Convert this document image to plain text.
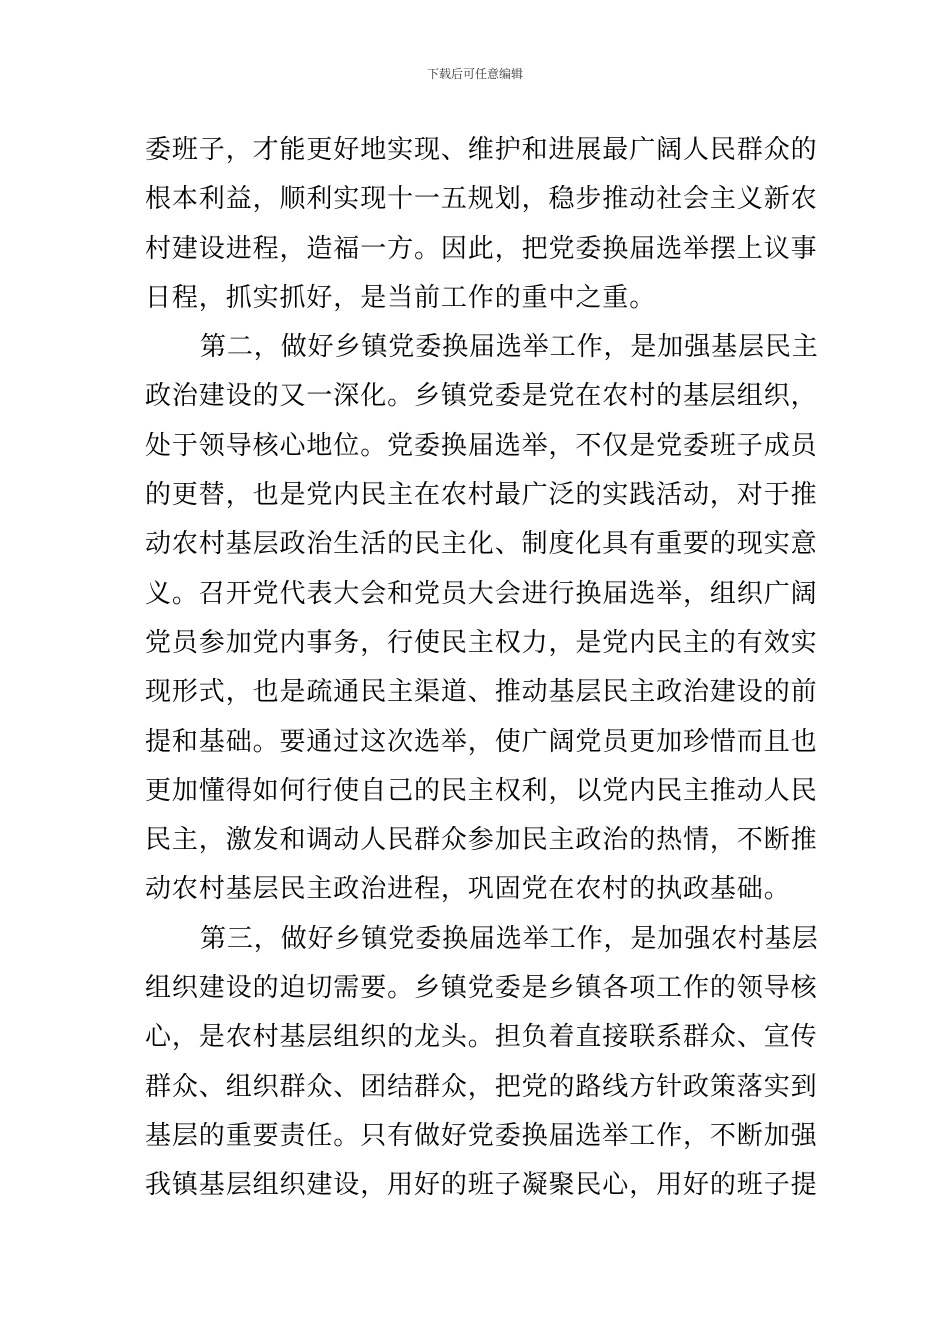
下载后可任意编辑
委班子，才能更好地实现、维护和进展最广阔人民群众的
根本利益，顺利实现十一五规划，稳步推动社会主义新农
村建设进程，造福一方。因此，把党委换届选举摆上议事
日程，抓实抓好，是当前工作的重中之重。
第二，做好乡镇党委换届选举工作，是加强基层民主
政治建设的又一深化。乡镇党委是党在农村的基层组织，
处于领导核心地位。党委换届选举，不仅是党委班子成员
的更替，也是党内民主在农村最广泛的实践活动，对于推
动农村基层政治生活的民主化、制度化具有重要的现实意
义。召开党代表大会和党员大会进行换届选举，组织广阔
党员参加党内事务，行使民主权力，是党内民主的有效实
现形式，也是疏通民主渠道、推动基层民主政治建设的前
提和基础。要通过这次选举，使广阔党员更加珍惜而且也
更加懂得如何行使自己的民主权利，以党内民主推动人民
民主，激发和调动人民群众参加民主政治的热情，不断推
动农村基层民主政治进程，巩固党在农村的执政基础。
第三，做好乡镇党委换届选举工作，是加强农村基层
组织建设的迫切需要。乡镇党委是乡镇各项工作的领导核
心，是农村基层组织的龙头。担负着直接联系群众、宣传
群众、组织群众、团结群众，把党的路线方针政策落实到
基层的重要责任。只有做好党委换届选举工作，不断加强
我镇基层组织建设，用好的班子凝聚民心，用好的班子提
